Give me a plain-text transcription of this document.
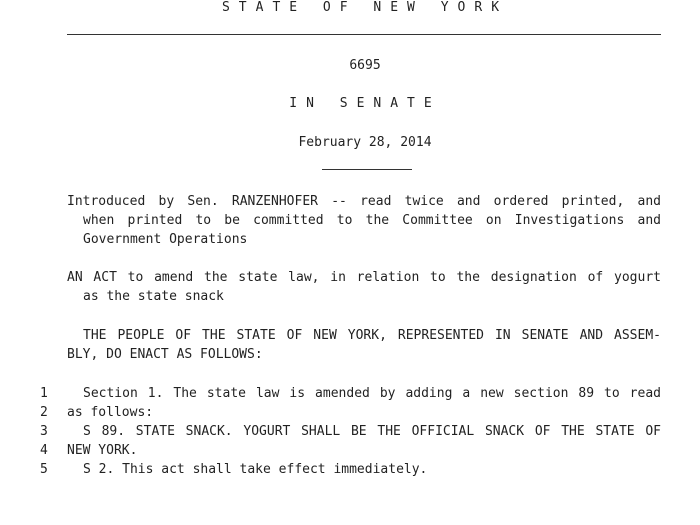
STATE OF NEW YORK
6695
IN SENATE
February 28, 2014
Introduced by Sen. RANZENHOFER -- read twice and ordered printed, and
when printed to be committed to the Committee on Investigations and
Government Operations
AN ACT to amend the state law, in relation to the designation of yogurt
as the state snack
THE PEOPLE OF THE STATE OF NEW YORK, REPRESENTED IN SENATE AND ASSEM-
BLY, DO ENACT AS FOLLOWS:
1	Section 1. The state law is amended by adding a new section 89 to read
2	as follows:
3	S 89. STATE SNACK. YOGURT SHALL BE THE OFFICIAL SNACK OF THE STATE OF
4	NEW YORK.
5	S 2. This act shall take effect immediately.
